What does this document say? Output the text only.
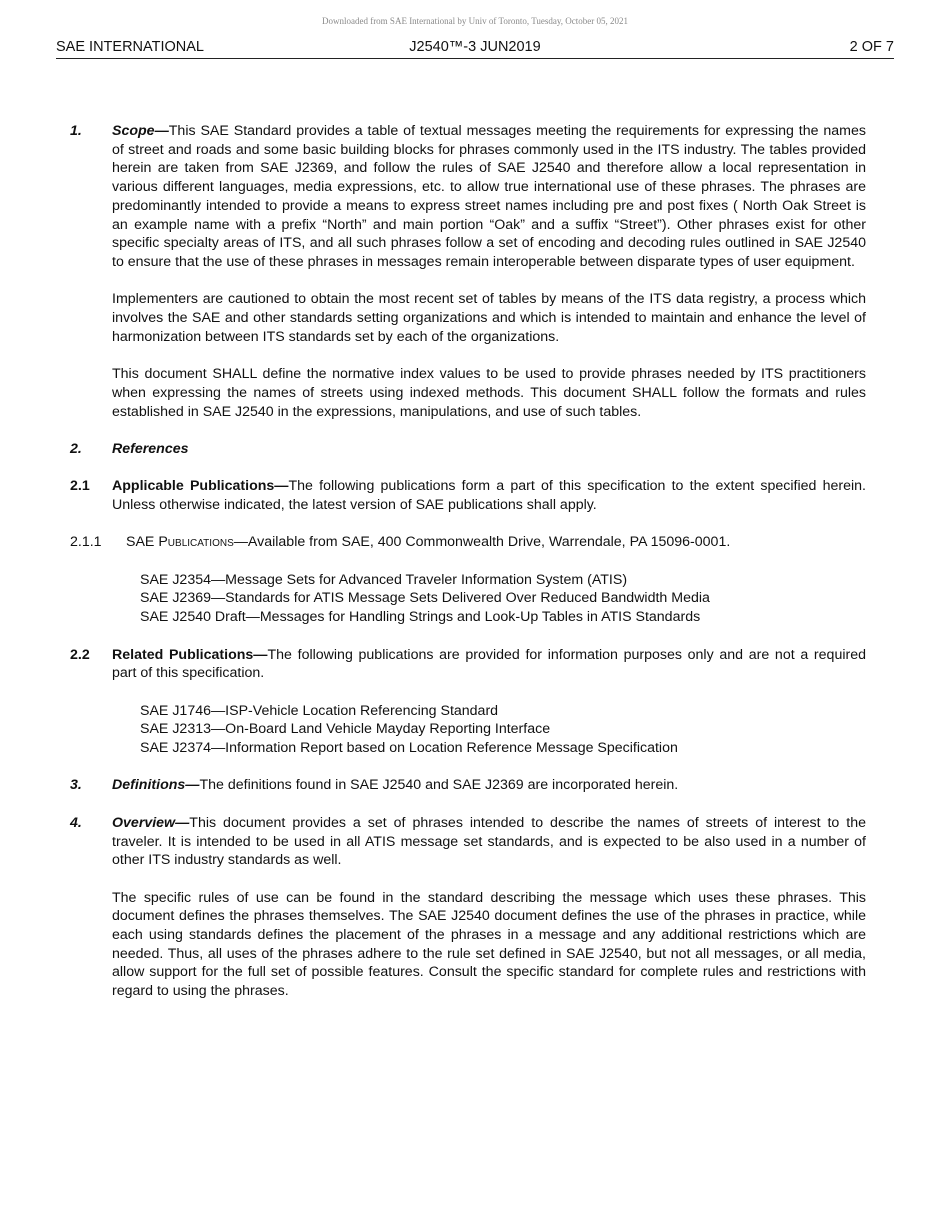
Downloaded from SAE International by Univ of Toronto, Tuesday, October 05, 2021
SAE INTERNATIONAL	J2540™-3 JUN2019	2 OF 7
1. Scope—This SAE Standard provides a table of textual messages meeting the requirements for expressing the names of street and roads and some basic building blocks for phrases commonly used in the ITS industry. The tables provided herein are taken from SAE J2369, and follow the rules of SAE J2540 and therefore allow a local representation in various different languages, media expressions, etc. to allow true international use of these phrases. The phrases are predominantly intended to provide a means to express street names including pre and post fixes ( North Oak Street is an example name with a prefix “North” and main portion “Oak” and a suffix “Street”). Other phrases exist for other specific specialty areas of ITS, and all such phrases follow a set of encoding and decoding rules outlined in SAE J2540 to ensure that the use of these phrases in messages remain interoperable between disparate types of user equipment.

Implementers are cautioned to obtain the most recent set of tables by means of the ITS data registry, a process which involves the SAE and other standards setting organizations and which is intended to maintain and enhance the level of harmonization between ITS standards set by each of the organizations.

This document SHALL define the normative index values to be used to provide phrases needed by ITS practitioners when expressing the names of streets using indexed methods. This document SHALL follow the formats and rules established in SAE J2540 in the expressions, manipulations, and use of such tables.

2. References

2.1 Applicable Publications—The following publications form a part of this specification to the extent specified herein. Unless otherwise indicated, the latest version of SAE publications shall apply.

2.1.1 SAE Publications—Available from SAE, 400 Commonwealth Drive, Warrendale, PA 15096-0001.
SAE J2354—Message Sets for Advanced Traveler Information System (ATIS)
SAE J2369—Standards for ATIS Message Sets Delivered Over Reduced Bandwidth Media
SAE J2540 Draft—Messages for Handling Strings and Look-Up Tables in ATIS Standards
2.2 Related Publications—The following publications are provided for information purposes only and are not a required part of this specification.

SAE J1746—ISP-Vehicle Location Referencing Standard
SAE J2313—On-Board Land Vehicle Mayday Reporting Interface
SAE J2374—Information Report based on Location Reference Message Specification
3. Definitions—The definitions found in SAE J2540 and SAE J2369 are incorporated herein.

4. Overview—This document provides a set of phrases intended to describe the names of streets of interest to the traveler. It is intended to be used in all ATIS message set standards, and is expected to be also used in a number of other ITS industry standards as well.

The specific rules of use can be found in the standard describing the message which uses these phrases. This document defines the phrases themselves. The SAE J2540 document defines the use of the phrases in practice, while each using standards defines the placement of the phrases in a message and any additional restrictions which are needed. Thus, all uses of the phrases adhere to the rule set defined in SAE J2540, but not all messages, or all media, allow support for the full set of possible features. Consult the specific standard for complete rules and restrictions with regard to using the phrases.
